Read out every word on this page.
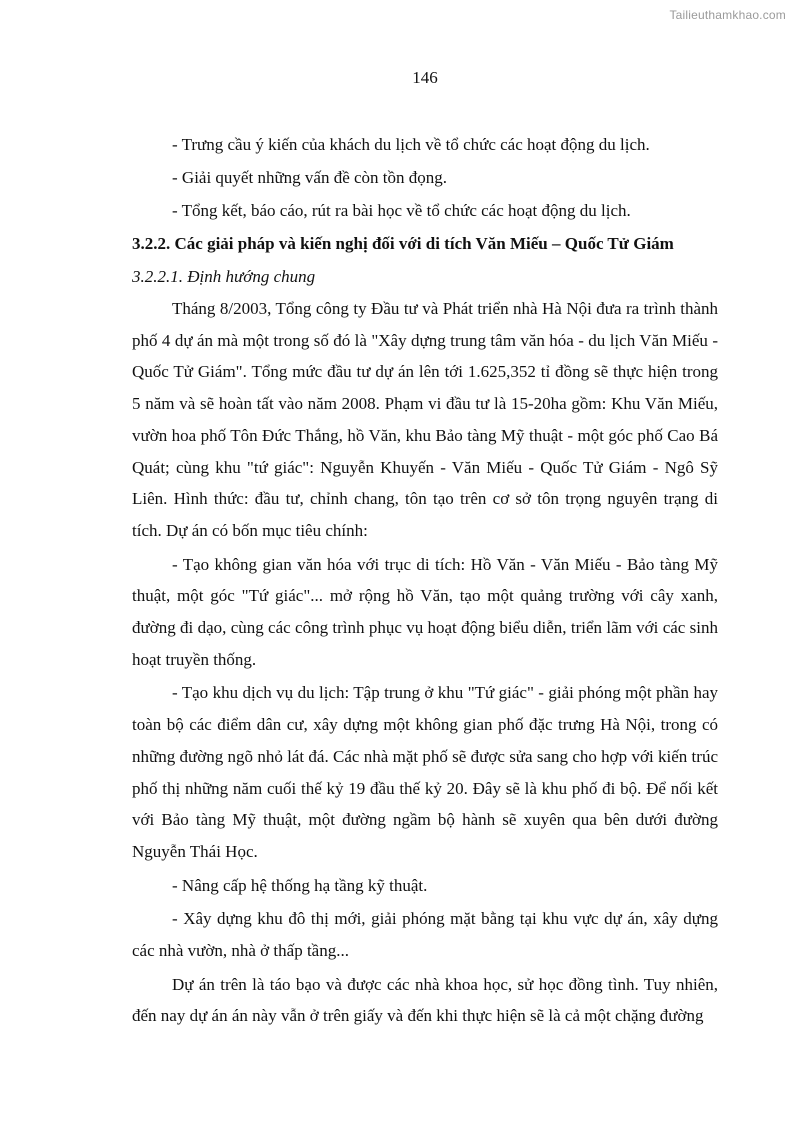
Tailieuthamkhao.com
146

- Trưng cầu ý kiến của khách du lịch về tổ chức các hoạt động du lịch.

- Giải quyết những vấn đề còn tồn đọng.

- Tổng kết, báo cáo, rút ra bài học về tổ chức các hoạt động du lịch.

3.2.2. Các giải pháp và kiến nghị đối với di tích Văn Miếu – Quốc Tử Giám

3.2.2.1. Định hướng chung

Tháng 8/2003, Tổng công ty Đầu tư và Phát triển nhà Hà Nội đưa ra trình thành phố 4 dự án mà một trong số đó là "Xây dựng trung tâm văn hóa - du lịch Văn Miếu - Quốc Tử Giám". Tổng mức đầu tư dự án lên tới 1.625,352 tỉ đồng sẽ thực hiện trong 5 năm và sẽ hoàn tất vào năm 2008. Phạm vi đầu tư là 15-20ha gồm: Khu Văn Miếu, vườn hoa phố Tôn Đức Thắng, hồ Văn, khu Bảo tàng Mỹ thuật - một góc phố Cao Bá Quát; cùng khu "tứ giác": Nguyễn Khuyến - Văn Miếu - Quốc Tử Giám - Ngô Sỹ Liên. Hình thức: đầu tư, chỉnh chang, tôn tạo trên cơ sở tôn trọng nguyên trạng di tích. Dự án có bốn mục tiêu chính:

- Tạo không gian văn hóa với trục di tích: Hồ Văn - Văn Miếu - Bảo tàng Mỹ thuật, một góc "Tứ giác"... mở rộng hồ Văn, tạo một quảng trường với cây xanh, đường đi dạo, cùng các công trình phục vụ hoạt động biểu diễn, triển lãm với các sinh hoạt truyền thống.

- Tạo khu dịch vụ du lịch: Tập trung ở khu "Tứ giác" - giải phóng một phần hay toàn bộ các điểm dân cư, xây dựng một không gian phố đặc trưng Hà Nội, trong có những đường ngõ nhỏ lát đá. Các nhà mặt phố sẽ được sửa sang cho hợp với kiến trúc phố thị những năm cuối thế kỷ 19 đầu thế kỷ 20. Đây sẽ là khu phố đi bộ. Để nối kết với Bảo tàng Mỹ thuật, một đường ngầm bộ hành sẽ xuyên qua bên dưới đường Nguyễn Thái Học.

- Nâng cấp hệ thống hạ tầng kỹ thuật.

- Xây dựng khu đô thị mới, giải phóng mặt bằng tại khu vực dự án, xây dựng các nhà vườn, nhà ở thấp tầng...

Dự án trên là táo bạo và được các nhà khoa học, sử học đồng tình. Tuy nhiên, đến nay dự án án này vẫn ở trên giấy và đến khi thực hiện sẽ là cả một chặng đường
